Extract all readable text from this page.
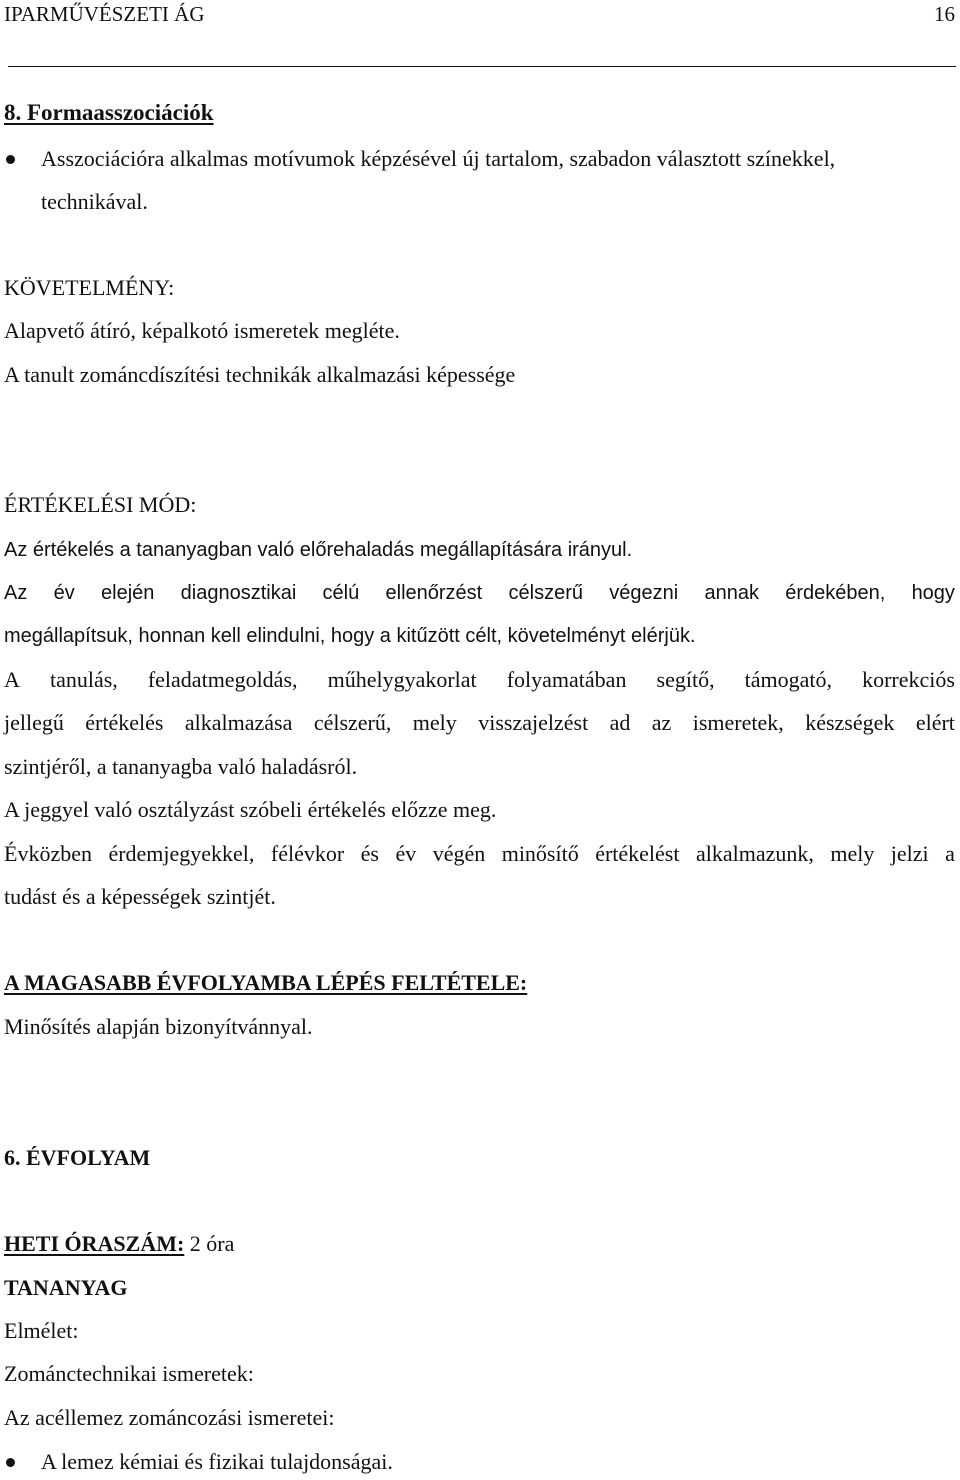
IPARMŰVÉSZETI ÁG	16
8. Formaasszociációk
Asszociációra alkalmas motívumok képzésével új tartalom, szabadon választott színekkel,
technikával.
KÖVETELMÉNY:
Alapvető átíró, képalkotó ismeretek megléte.
A tanult zománcdíszítési technikák alkalmazási képessége
ÉRTÉKELÉSI MÓD:
Az értékelés a tananyagban való előrehaladás megállapítására irányul.
Az év elején diagnosztikai célú ellenőrzést célszerű végezni annak érdekében, hogy
megállapítsuk, honnan kell elindulni, hogy a kitűzött célt, követelményt elérjük.
A tanulás, feladatmegoldás, műhelygyakorlat folyamatában segítő, támogató, korrekciós
jellegű értékelés alkalmazása célszerű, mely visszajelzést ad az ismeretek, készségek elért
szintjéről, a tananyagba való haladásról.
A jeggyel való osztályzást szóbeli értékelés előzze meg.
Évközben érdemjegyekkel, félévkor és év végén minősítő értékelést alkalmazunk, mely jelzi a
tudást és a képességek szintjét.
A MAGASABB ÉVFOLYAMBA LÉPÉS FELTÉTELE:
Minősítés alapján bizonyítvánnyal.
6. ÉVFOLYAM
HETI ÓRASZÁM: 2 óra
TANANYAG
Elmélet:
Zománctechnikai ismeretek:
Az acéllemez zománcozási ismeretei:
A lemez kémiai és fizikai tulajdonságai.
